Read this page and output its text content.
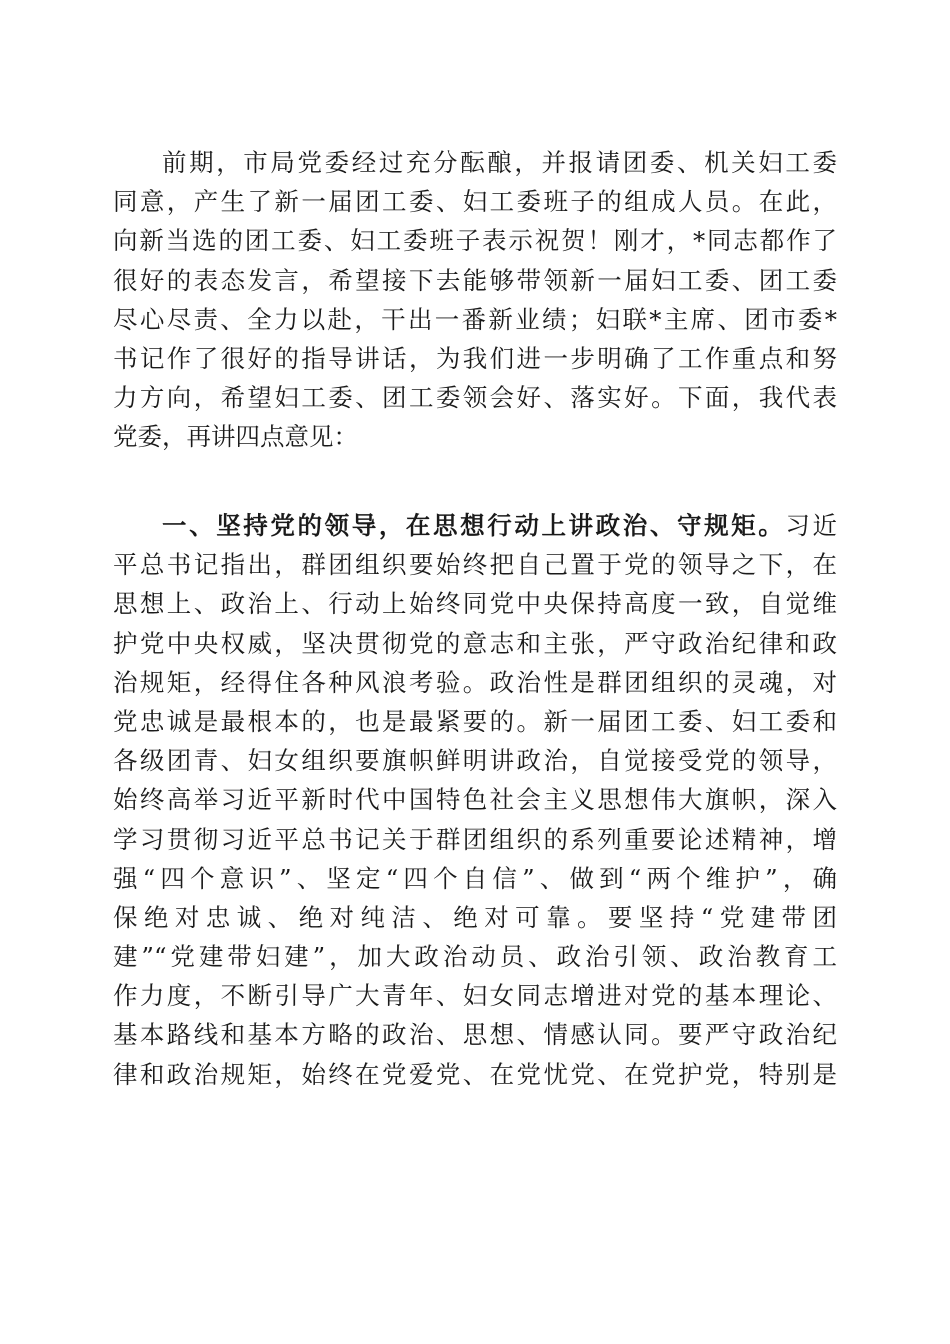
前期，市局党委经过充分酝酿，并报请团委、机关妇工委
同意，产生了新一届团工委、妇工委班子的组成人员。在此，
向新当选的团工委、妇工委班子表示祝贺！刚才，*同志都作了
很好的表态发言，希望接下去能够带领新一届妇工委、团工委
尽心尽责、全力以赴，干出一番新业绩；妇联*主席、团市委*
书记作了很好的指导讲话，为我们进一步明确了工作重点和努
力方向，希望妇工委、团工委领会好、落实好。下面，我代表
党委，再讲四点意见：
一、坚持党的领导，在思想行动上讲政治、守规矩。习近
平总书记指出，群团组织要始终把自己置于党的领导之下，在
思想上、政治上、行动上始终同党中央保持高度一致，自觉维
护党中央权威，坚决贯彻党的意志和主张，严守政治纪律和政
治规矩，经得住各种风浪考验。政治性是群团组织的灵魂，对
党忠诚是最根本的，也是最紧要的。新一届团工委、妇工委和
各级团青、妇女组织要旗帜鲜明讲政治，自觉接受党的领导，
始终高举习近平新时代中国特色社会主义思想伟大旗帜，深入
学习贯彻习近平总书记关于群团组织的系列重要论述精神，增
强“四个意识”、坚定“四个自信”、做到“两个维护”，确
保绝对忠诚、绝对纯洁、绝对可靠。要坚持“党建带团
建”“党建带妇建”，加大政治动员、政治引领、政治教育工
作力度，不断引导广大青年、妇女同志增进对党的基本理论、
基本路线和基本方略的政治、思想、情感认同。要严守政治纪
律和政治规矩，始终在党爱党、在党忧党、在党护党，特别是
